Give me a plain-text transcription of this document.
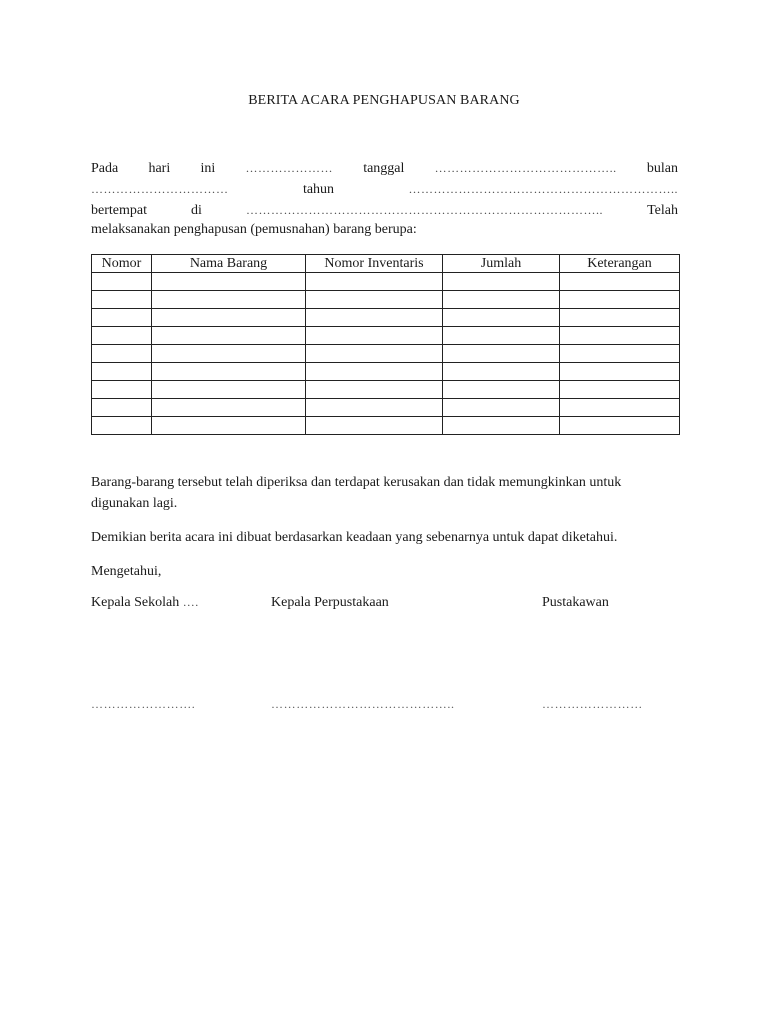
BERITA ACARA PENGHAPUSAN BARANG
Pada hari ini	………………… tanggal	…………………………………….. bulan
……………………………	tahun	………………………………………………………..
bertempat	di	…………………………………………………………………………..	Telah
melaksanakan penghapusan (pemusnahan) barang berupa:
Nomor	Nama Barang	Nomor Inventaris	Jumlah	Keterangan

Barang-barang tersebut telah diperiksa dan terdapat kerusakan dan tidak memungkinkan untuk digunakan lagi.
Demikian berita acara ini dibuat berdasarkan keadaan yang sebenarnya untuk dapat diketahui.
Mengetahui,
Kepala Sekolah ….	Kepala Perpustakaan	Pustakawan
…………………….	……………………………………..	……………………
